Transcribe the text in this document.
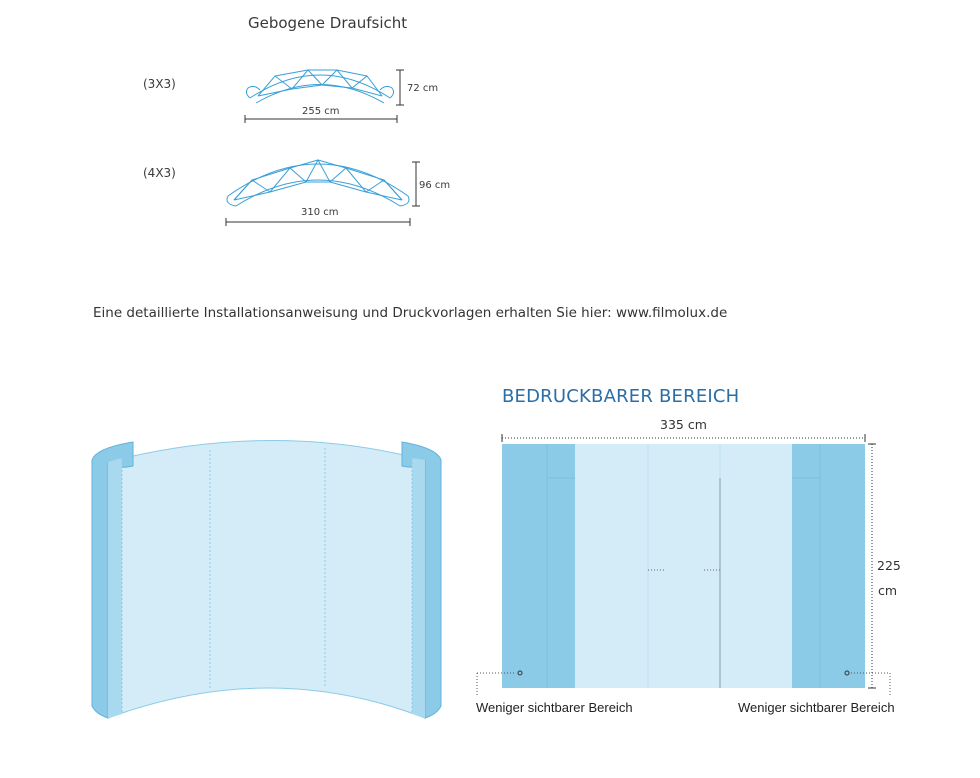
Gebogene Draufsicht
(3X3)
(4X3)
72 cm
255 cm
96 cm
310 cm
Eine detaillierte Installationsanweisung und Druckvorlagen erhalten Sie hier: www.filmolux.de
BEDRUCKBARER BEREICH
335 cm
225
cm
Weniger sichtbarer Bereich	Weniger sichtbarer Bereich
